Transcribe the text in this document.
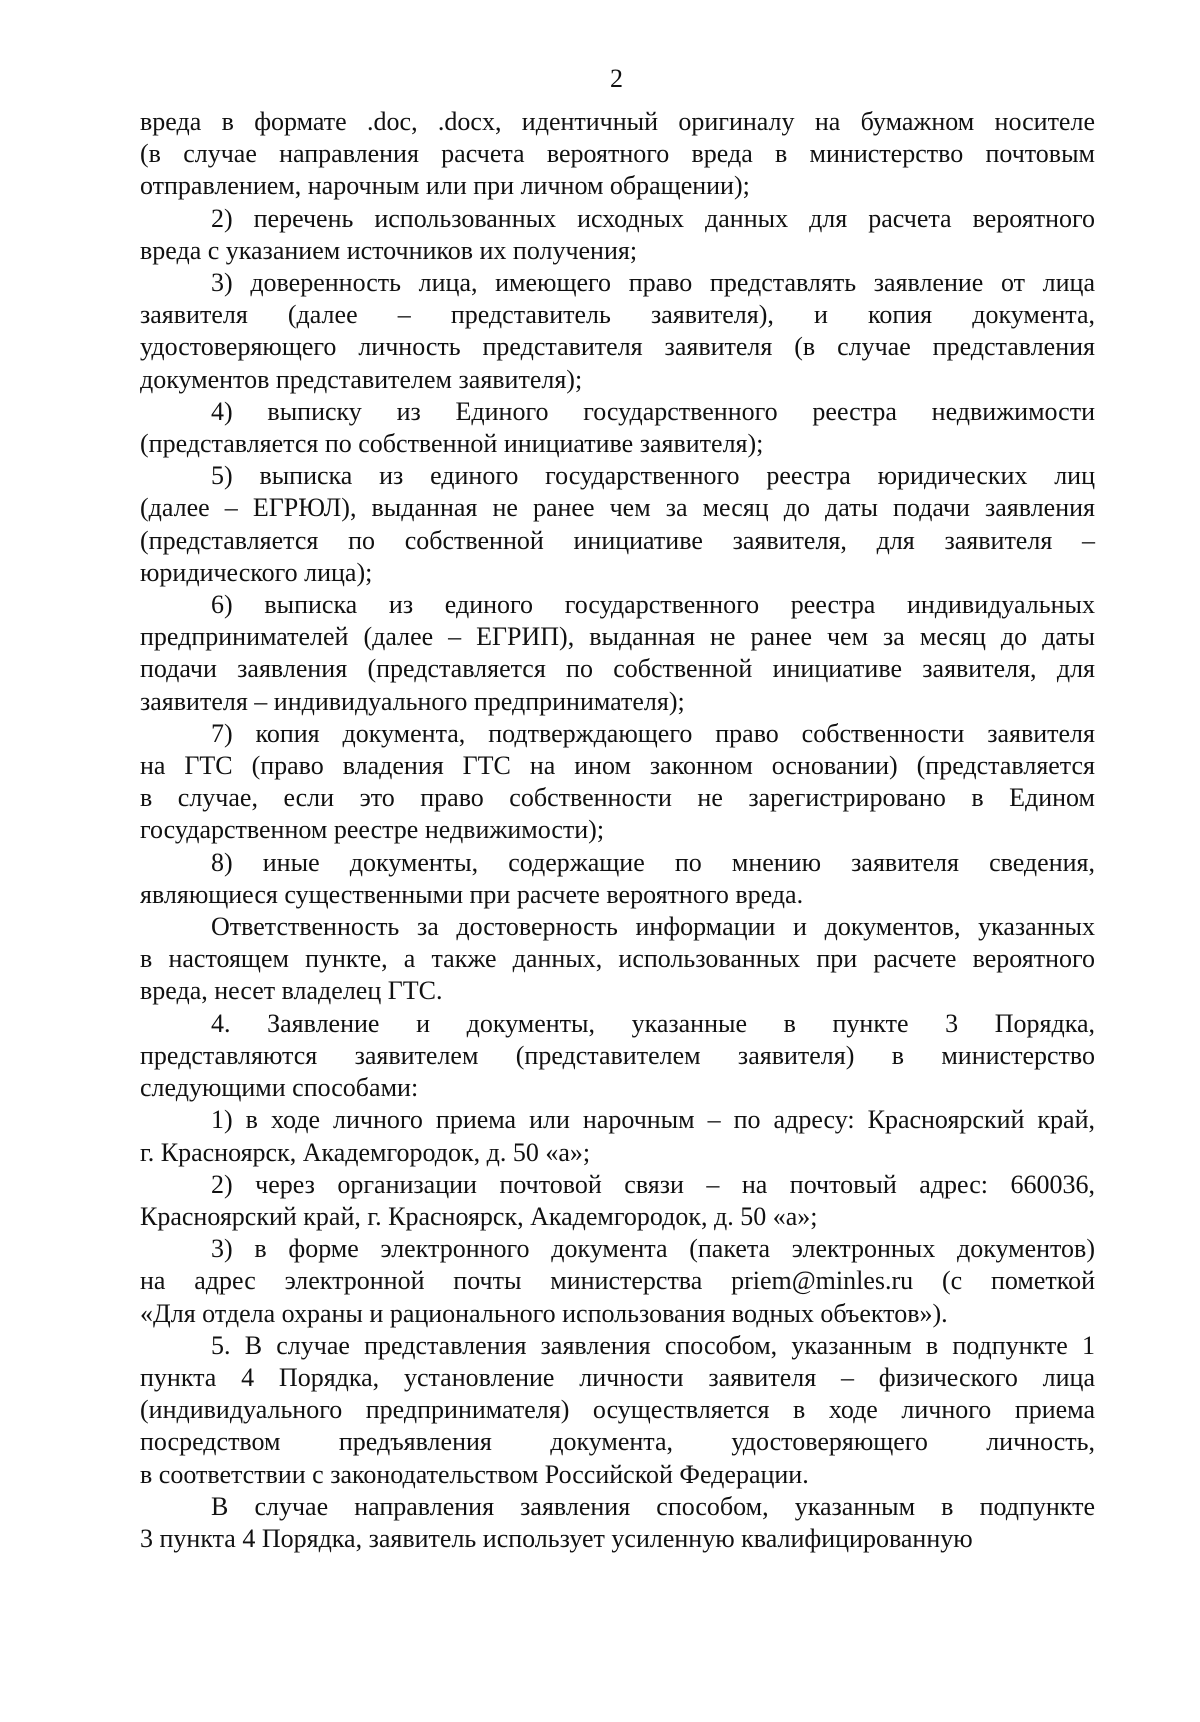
2
вреда в формате .doc, .docx, идентичный оригиналу на бумажном носителе
(в случае направления расчета вероятного вреда в министерство почтовым
отправлением, нарочным или при личном обращении);
2) перечень использованных исходных данных для расчета вероятного
вреда с указанием источников их получения;
3) доверенность лица, имеющего право представлять заявление от лица
заявителя (далее – представитель заявителя), и копия документа,
удостоверяющего личность представителя заявителя (в случае представления
документов представителем заявителя);
4) выписку из Единого государственного реестра недвижимости
(представляется по собственной инициативе заявителя);
5) выписка из единого государственного реестра юридических лиц
(далее – ЕГРЮЛ), выданная не ранее чем за месяц до даты подачи заявления
(представляется по собственной инициативе заявителя, для заявителя –
юридического лица);
6) выписка из единого государственного реестра индивидуальных
предпринимателей (далее – ЕГРИП), выданная не ранее чем за месяц до даты
подачи заявления (представляется по собственной инициативе заявителя, для
заявителя – индивидуального предпринимателя);
7) копия документа, подтверждающего право собственности заявителя
на ГТС (право владения ГТС на ином законном основании) (представляется
в случае, если это право собственности не зарегистрировано в Едином
государственном реестре недвижимости);
8) иные документы, содержащие по мнению заявителя сведения,
являющиеся существенными при расчете вероятного вреда.
Ответственность за достоверность информации и документов, указанных
в настоящем пункте, а также данных, использованных при расчете вероятного
вреда, несет владелец ГТС.
4. Заявление и документы, указанные в пункте 3 Порядка,
представляются заявителем (представителем заявителя) в министерство
следующими способами:
1) в ходе личного приема или нарочным – по адресу: Красноярский край,
г. Красноярск, Академгородок, д. 50 «а»;
2) через организации почтовой связи – на почтовый адрес: 660036,
Красноярский край, г. Красноярск, Академгородок, д. 50 «а»;
3) в форме электронного документа (пакета электронных документов)
на адрес электронной почты министерства priem@minles.ru (с пометкой
«Для отдела охраны и рационального использования водных объектов»).
5. В случае представления заявления способом, указанным в подпункте 1
пункта 4 Порядка, установление личности заявителя – физического лица
(индивидуального предпринимателя) осуществляется в ходе личного приема
посредством предъявления документа, удостоверяющего личность,
в соответствии с законодательством Российской Федерации.
В случае направления заявления способом, указанным в подпункте
3 пункта 4 Порядка, заявитель использует усиленную квалифицированную
